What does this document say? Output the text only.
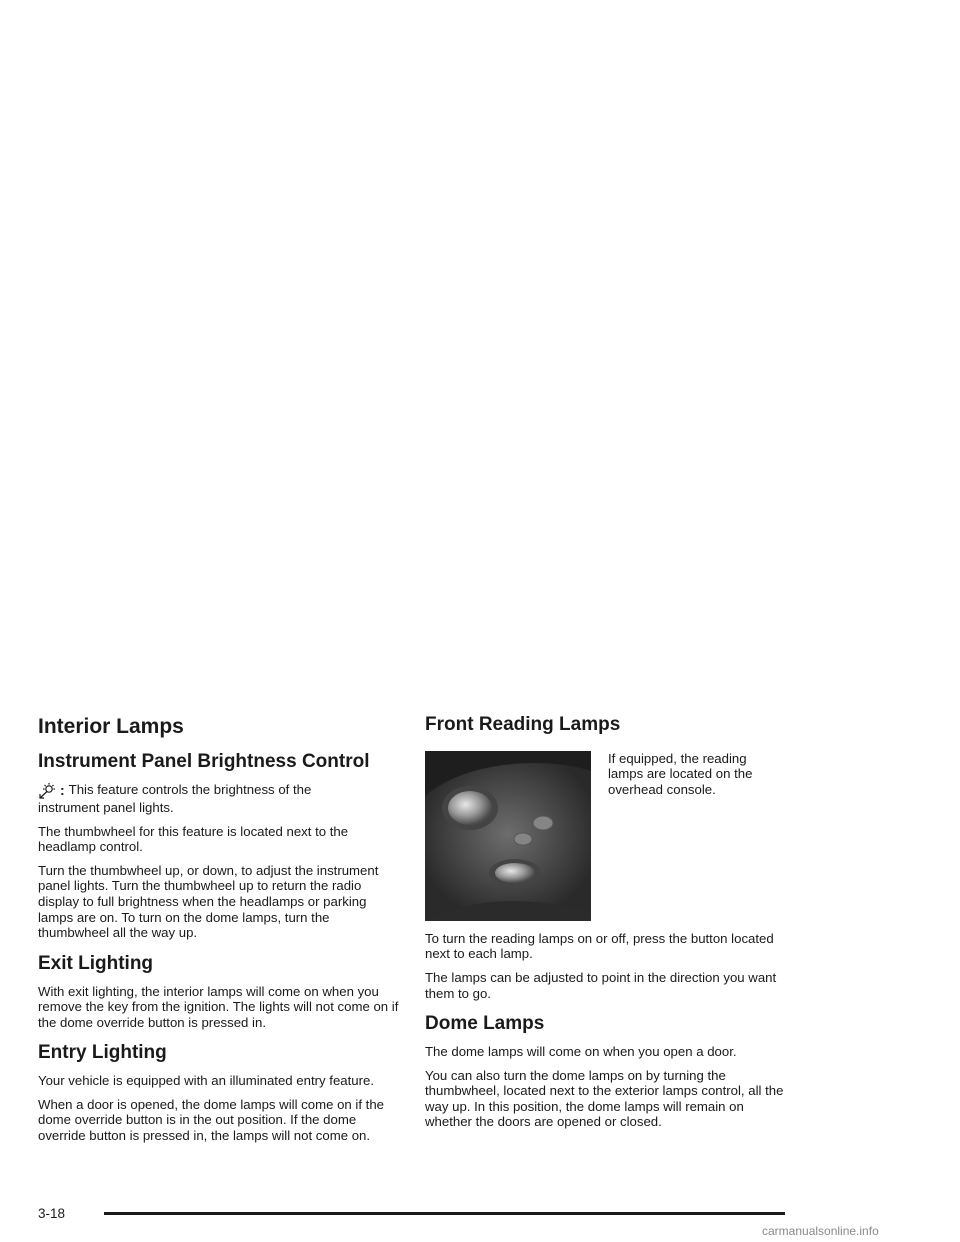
Interior Lamps
Instrument Panel Brightness Control
: This feature controls the brightness of the

instrument panel lights.

The thumbwheel for this feature is located next to the headlamp control.

Turn the thumbwheel up, or down, to adjust the instrument panel lights. Turn the thumbwheel up to return the radio display to full brightness when the headlamps or parking lamps are on. To turn on the dome lamps, turn the thumbwheel all the way up.

Exit Lighting

With exit lighting, the interior lamps will come on when you remove the key from the ignition. The lights will not come on if the dome override button is pressed in.

Entry Lighting

Your vehicle is equipped with an illuminated entry feature.

When a door is opened, the dome lamps will come on if the dome override button is in the out position. If the dome override button is pressed in, the lamps will not come on.

Front Reading Lamps

If equipped, the reading lamps are located on the overhead console.

To turn the reading lamps on or off, press the button located next to each lamp.

The lamps can be adjusted to point in the direction you want them to go.

Dome Lamps

The dome lamps will come on when you open a door.

You can also turn the dome lamps on by turning the thumbwheel, located next to the exterior lamps control, all the way up. In this position, the dome lamps will remain on whether the doors are opened or closed.

3-18
carmanualsonline.info
